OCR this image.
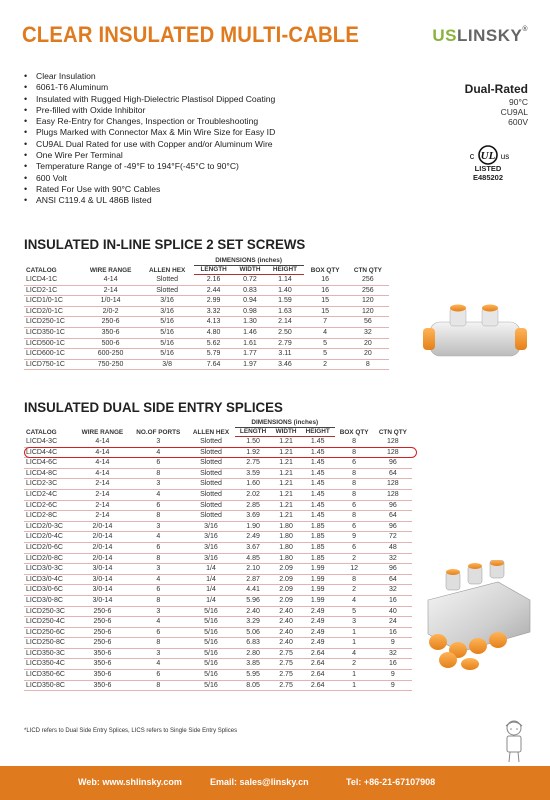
CLEAR INSULATED MULTI-CABLE	USLINSKY®
• Clear Insulation
• 6061-T6 Aluminum
• Insulated with Rugged High-Dielectric Plastisol Dipped Coating
• Pre-filled with Oxide Inhibitor
• Easy Re-Entry for Changes, Inspection or Troubleshooting
• Plugs Marked with Connector Max & Min Wire Size for Easy ID
• CU9AL Dual Rated for use with Copper and/or Aluminum Wire
• One Wire Per Terminal
• Temperature Range of -49°F to 194°F(-45°C to 90°C)
• 600 Volt
• Rated For Use with 90°C Cables
• ANSI C119.4 & UL 486B listed
Dual-Rated
90°C
CU9AL
600V
UL
c	us
LISTED
E485202
INSULATED IN-LINE SPLICE 2 SET SCREWS
CATALOG	WIRE RANGE	ALLEN HEX	DIMENSIONS (inches)			BOX QTY	CTN QTY
			LENGTH	WIDTH	HEIGHT		
LICD4-1C	4-14	Slotted	2.16	0.72	1.14	16	256
LICD2-1C	2-14	Slotted	2.44	0.83	1.40	16	256
LICD1/0-1C	1/0-14	3/16	2.99	0.94	1.59	15	120
LICD2/0-1C	2/0-2	3/16	3.32	0.98	1.63	15	120
LICD250-1C	250-6	5/16	4.13	1.30	2.14	7	56
LICD350-1C	350-6	5/16	4.80	1.46	2.50	4	32
LICD500-1C	500-6	5/16	5.62	1.61	2.79	5	20
LICD600-1C	600-250	5/16	5.79	1.77	3.11	5	20
LICD750-1C	750-250	3/8	7.64	1.97	3.46	2	8
INSULATED DUAL SIDE ENTRY SPLICES
CATALOG	WIRE RANGE	NO.OF PORTS	ALLEN HEX	DIMENSIONS (inches)			BOX QTY	CTN QTY
				LENGTH	WIDTH	HEIGHT		
LICD4-3C	4-14	3	Slotted	1.50	1.21	1.45	8	128
LICD4-4C	4-14	4	Slotted	1.92	1.21	1.45	8	128
LICD4-6C	4-14	6	Slotted	2.75	1.21	1.45	6	96
LICD4-8C	4-14	8	Slotted	3.59	1.21	1.45	8	64
LICD2-3C	2-14	3	Slotted	1.60	1.21	1.45	8	128
LICD2-4C	2-14	4	Slotted	2.02	1.21	1.45	8	128
LICD2-6C	2-14	6	Slotted	2.85	1.21	1.45	6	96
LICD2-8C	2-14	8	Slotted	3.69	1.21	1.45	8	64
LICD2/0-3C	2/0-14	3	3/16	1.90	1.80	1.85	6	96
LICD2/0-4C	2/0-14	4	3/16	2.49	1.80	1.85	9	72
LICD2/0-6C	2/0-14	6	3/16	3.67	1.80	1.85	6	48
LICD2/0-8C	2/0-14	8	3/16	4.85	1.80	1.85	2	32
LICD3/0-3C	3/0-14	3	1/4	2.10	2.09	1.99	12	96
LICD3/0-4C	3/0-14	4	1/4	2.87	2.09	1.99	8	64
LICD3/0-6C	3/0-14	6	1/4	4.41	2.09	1.99	2	32
LICD3/0-8C	3/0-14	8	1/4	5.96	2.09	1.99	4	16
LICD250-3C	250-6	3	5/16	2.40	2.40	2.49	5	40
LICD250-4C	250-6	4	5/16	3.29	2.40	2.49	3	24
LICD250-6C	250-6	6	5/16	5.06	2.40	2.49	1	16
LICD250-8C	250-6	8	5/16	6.83	2.40	2.49	1	9
LICD350-3C	350-6	3	5/16	2.80	2.75	2.64	4	32
LICD350-4C	350-6	4	5/16	3.85	2.75	2.64	2	16
LICD350-6C	350-6	6	5/16	5.95	2.75	2.64	1	9
LICD350-8C	350-6	8	5/16	8.05	2.75	2.64	1	9
*LICD refers to Dual Side Entry Splices, LICS refers to Single Side Entry Splices
Web: www.shlinsky.com	Email: sales@linsky.cn	Tel: +86-21-67107908
